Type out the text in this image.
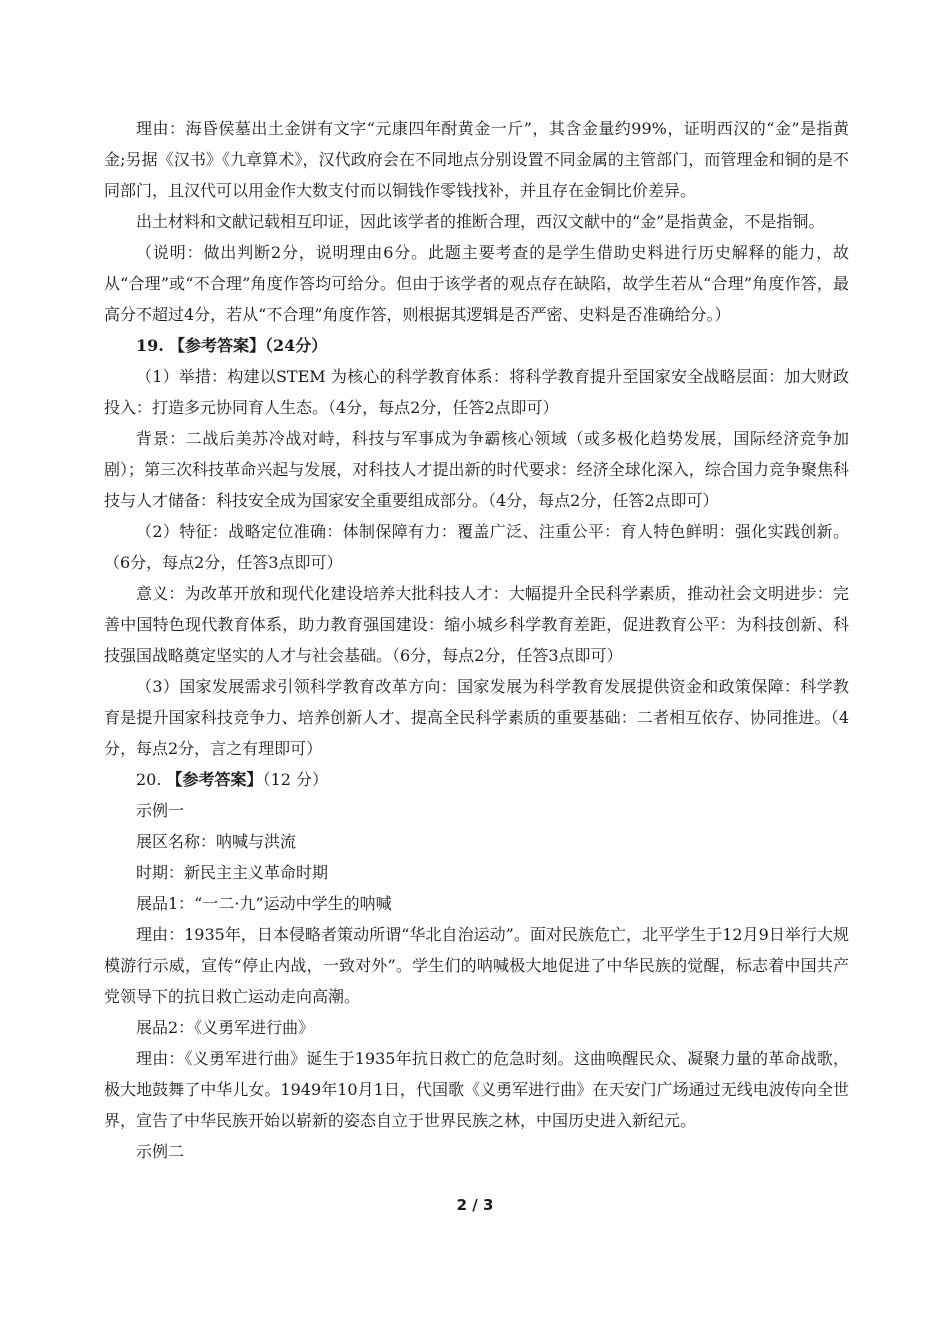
理由：海昏侯墓出土金饼有文字“元康四年酎黄金一斤”，其含金量约99%，证明西汉的“金”是指黄金;另据《汉书》《九章算术》，汉代政府会在不同地点分别设置不同金属的主管部门，而管理金和铜的是不同部门，且汉代可以用金作大数支付而以铜钱作零钱找补，并且存在金铜比价差异。

出土材料和文献记载相互印证，因此该学者的推断合理，西汉文献中的“金”是指黄金，不是指铜。

（说明：做出判断2分，说明理由6分。此题主要考查的是学生借助史料进行历史解释的能力，故从“合理”或“不合理”角度作答均可给分。但由于该学者的观点存在缺陷，故学生若从“合理”角度作答，最高分不超过4分，若从“不合理”角度作答，则根据其逻辑是否严密、史料是否准确给分。）

19. 【参考答案】（24分）

（1）举措：构建以STEM 为核心的科学教育体系：将科学教育提升至国家安全战略层面：加大财政投入：打造多元协同育人生态。（4分，每点2分，任答2点即可）

背景：二战后美苏冷战对峙，科技与军事成为争霸核心领域（或多极化趋势发展，国际经济竞争加剧）；第三次科技革命兴起与发展，对科技人才提出新的时代要求：经济全球化深入，综合国力竞争聚焦科技与人才储备：科技安全成为国家安全重要组成部分。（4分，每点2分，任答2点即可）

（2）特征：战略定位准确：体制保障有力：覆盖广泛、注重公平：育人特色鲜明：强化实践创新。（6分，每点2分，任答3点即可）

意义：为改革开放和现代化建设培养大批科技人才：大幅提升全民科学素质，推动社会文明进步：完善中国特色现代教育体系，助力教育强国建设：缩小城乡科学教育差距，促进教育公平：为科技创新、科技强国战略奠定坚实的人才与社会基础。（6分，每点2分，任答3点即可）

（3）国家发展需求引领科学教育改革方向：国家发展为科学教育发展提供资金和政策保障：科学教育是提升国家科技竞争力、培养创新人才、提高全民科学素质的重要基础：二者相互依存、协同推进。（4分，每点2分，言之有理即可）

20. 【参考答案】（12 分）

示例一

展区名称：呐喊与洪流

时期：新民主主义革命时期

展品1：“一二·九”运动中学生的呐喊

理由：1935年，日本侵略者策动所谓“华北自治运动”。面对民族危亡，北平学生于12月9日举行大规模游行示威，宣传“停止内战，一致对外”。学生们的呐喊极大地促进了中华民族的觉醒，标志着中国共产党领导下的抗日救亡运动走向高潮。

展品2：《义勇军进行曲》

理由：《义勇军进行曲》诞生于1935年抗日救亡的危急时刻。这曲唤醒民众、凝聚力量的革命战歌，极大地鼓舞了中华儿女。1949年10月1日，代国歌《义勇军进行曲》在天安门广场通过无线电波传向全世界，宣告了中华民族开始以崭新的姿态自立于世界民族之林，中国历史进入新纪元。

示例二

2 / 3
